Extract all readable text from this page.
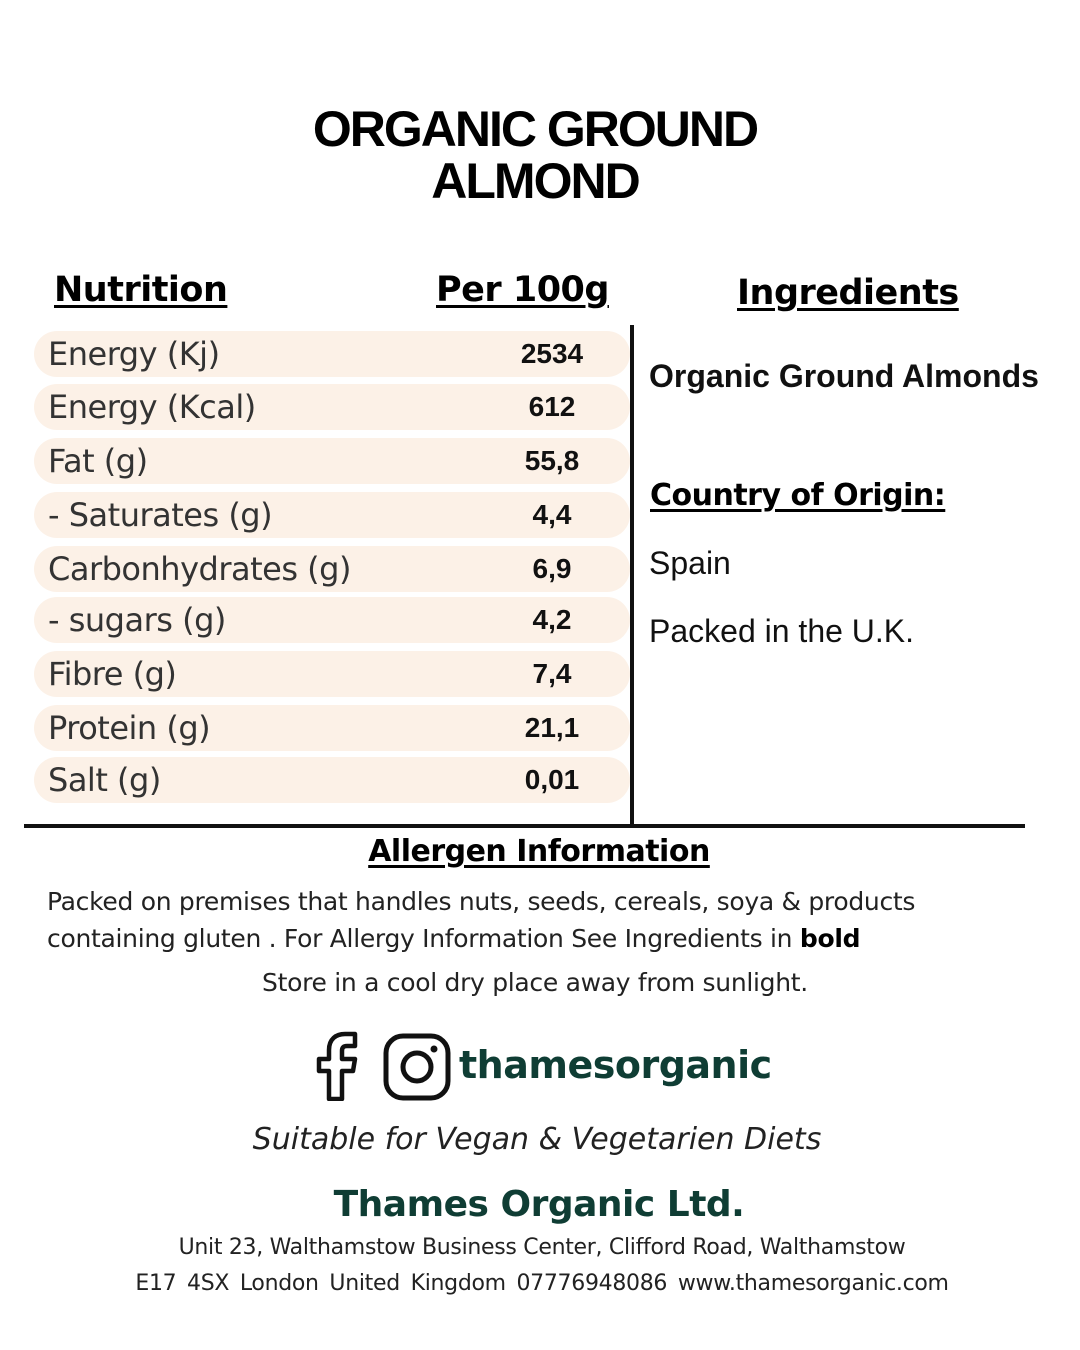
ORGANIC GROUND
ALMOND
Nutrition	Per 100g	Ingredients
Energy (Kj)	2534
Energy (Kcal)	612
Fat (g)	55,8
- Saturates (g)	4,4
Carbonhydrates (g)	6,9
- sugars (g)	4,2
Fibre (g)	7,4
Protein (g)	21,1
Salt (g)	0,01
Organic Ground Almonds
Country of Origin:
Spain
Packed in the U.K.
Allergen Information
Packed on premises that handles nuts, seeds, cereals, soya & products
containing gluten . For Allergy Information See Ingredients in bold
Store in a cool dry place away from sunlight.
thamesorganic
Suitable for Vegan & Vegetarien Diets
Thames Organic Ltd.
Unit 23, Walthamstow Business Center, Clifford Road, Walthamstow
E17 4SX London United Kingdom 07776948086 www.thamesorganic.com
